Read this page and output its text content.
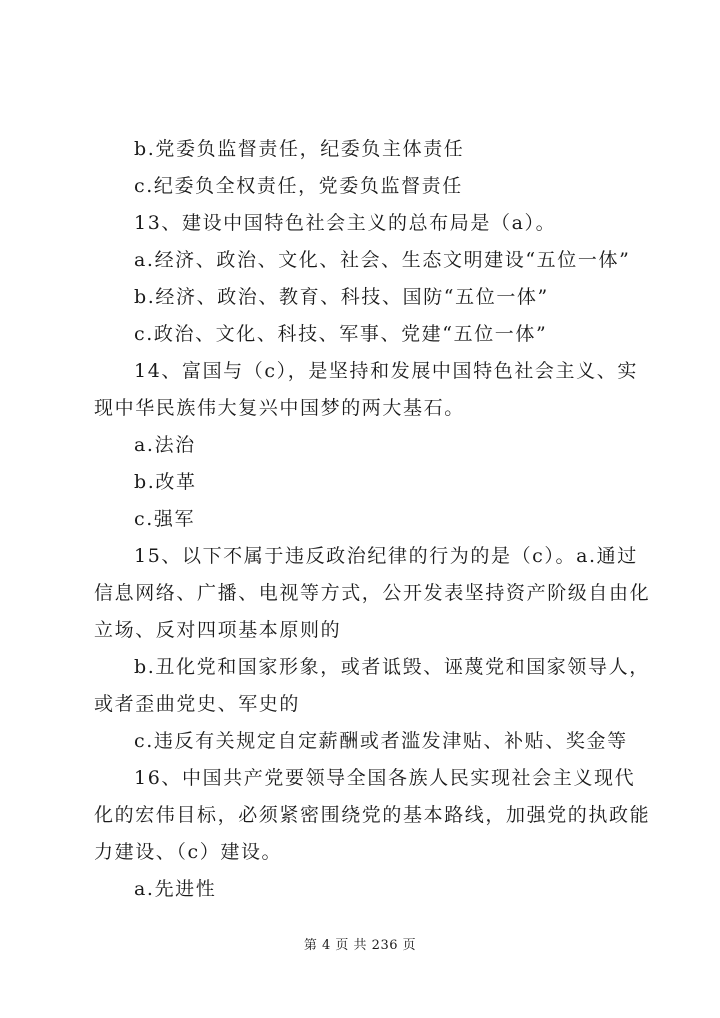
b.党委负监督责任，纪委负主体责任

c.纪委负全权责任，党委负监督责任

13、建设中国特色社会主义的总布局是（a）。

a.经济、政治、文化、社会、生态文明建设“五位一体”

b.经济、政治、教育、科技、国防“五位一体”

c.政治、文化、科技、军事、党建“五位一体”

14、富国与（c），是坚持和发展中国特色社会主义、实现中华民族伟大复兴中国梦的两大基石。

a.法治

b.改革

c.强军

15、以下不属于违反政治纪律的行为的是（c）。a.通过信息网络、广播、电视等方式，公开发表坚持资产阶级自由化立场、反对四项基本原则的

b.丑化党和国家形象，或者诋毁、诬蔑党和国家领导人，或者歪曲党史、军史的

c.违反有关规定自定薪酬或者滥发津贴、补贴、奖金等

16、中国共产党要领导全国各族人民实现社会主义现代化的宏伟目标，必须紧密围绕党的基本路线，加强党的执政能力建设、（c）建设。

a.先进性

第 4 页 共 236 页
